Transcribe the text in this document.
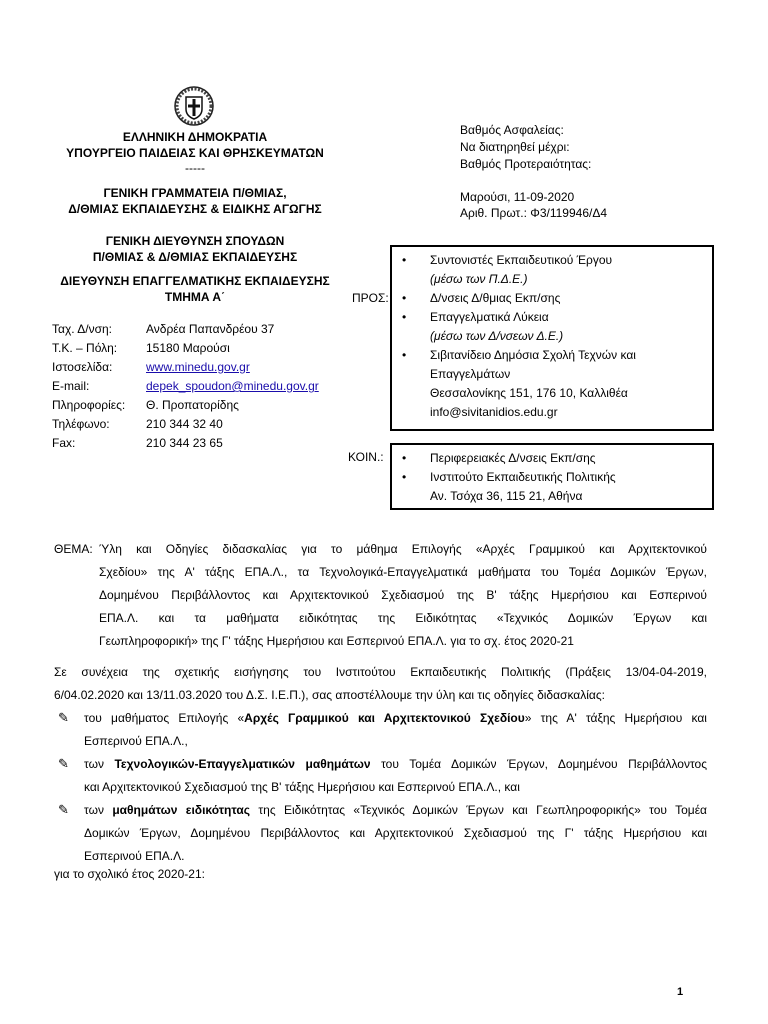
ΕΛΛΗΝΙΚΗ ΔΗΜΟΚΡΑΤΙΑ
ΥΠΟΥΡΓΕΙΟ ΠΑΙΔΕΙΑΣ ΚΑΙ ΘΡΗΣΚΕΥΜΑΤΩΝ
-----
ΓΕΝΙΚΗ ΓΡΑΜΜΑΤΕΙΑ Π/ΘΜΙΑΣ,
Δ/ΘΜΙΑΣ ΕΚΠΑΙΔΕΥΣΗΣ & ΕΙΔΙΚΗΣ ΑΓΩΓΗΣ
ΓΕΝΙΚΗ ΔΙΕΥΘΥΝΣΗ ΣΠΟΥΔΩΝ
Π/ΘΜΙΑΣ & Δ/ΘΜΙΑΣ ΕΚΠΑΙΔΕΥΣΗΣ
ΔΙΕΥΘΥΝΣΗ ΕΠΑΓΓΕΛΜΑΤΙΚΗΣ ΕΚΠΑΙΔΕΥΣΗΣ
ΤΜΗΜΑ Α΄
Βαθμός Ασφαλείας:
Να διατηρηθεί μέχρι:
Βαθμός Προτεραιότητας:
Μαρούσι, 11-09-2020
Αριθ. Πρωτ.: Φ3/119946/Δ4
Ταχ. Δ/νση:	Ανδρέα Παπανδρέου 37
Τ.Κ. – Πόλη: 15180 Μαρούσι
Ιστοσελίδα:	www.minedu.gov.gr
E-mail:	depek_spoudon@minedu.gov.gr
Πληροφορίες: Θ. Προπατορίδης
Τηλέφωνο:	210 344 32 40
Fax:	210 344 23 65
ΠΡΟΣ:
• Συντονιστές Εκπαιδευτικού Έργου
(μέσω των Π.Δ.Ε.)
• Δ/νσεις Δ/θμιας Εκπ/σης
• Επαγγελματικά Λύκεια
(μέσω των Δ/νσεων Δ.Ε.)
• Σιβιτανίδειο Δημόσια Σχολή Τεχνών και
Επαγγελμάτων
Θεσσαλονίκης 151, 176 10, Καλλιθέα
info@sivitanidios.edu.gr
ΚΟΙΝ.: • Περιφερειακές Δ/νσεις Εκπ/σης
• Ινστιτούτο Εκπαιδευτικής Πολιτικής
Αν. Τσόχα 36, 115 21, Αθήνα
ΘΕΜΑ: Ύλη και Οδηγίες διδασκαλίας για το μάθημα Επιλογής «Αρχές Γραμμικού και Αρχιτεκτονικού

Σχεδίου» της Α' τάξης ΕΠΑ.Λ., τα Τεχνολογικά-Επαγγελματικά μαθήματα του Τομέα Δομικών Έργων,

Δομημένου Περιβάλλοντος και Αρχιτεκτονικού Σχεδιασμού της Β' τάξης Ημερήσιου και Εσπερινού

ΕΠΑ.Λ. και τα μαθήματα ειδικότητας της Ειδικότητας «Τεχνικός Δομικών Έργων και

Γεωπληροφορική» της Γ' τάξης Ημερήσιου και Εσπερινού ΕΠΑ.Λ. για το σχ. έτος 2020-21

Σε συνέχεια της σχετικής εισήγησης του Ινστιτούτου Εκπαιδευτικής Πολιτικής (Πράξεις 13/04-04-2019,

6/04.02.2020 και 13/11.03.2020 του Δ.Σ. Ι.Ε.Π.), σας αποστέλλουμε την ύλη και τις οδηγίες διδασκαλίας:

✎ του μαθήματος Επιλογής «Αρχές Γραμμικού και Αρχιτεκτονικού Σχεδίου» της Α' τάξης Ημερήσιου και

Εσπερινού ΕΠΑ.Λ.,

✎ των Τεχνολογικών-Επαγγελματικών μαθημάτων του Τομέα Δομικών Έργων, Δομημένου Περιβάλλοντος

και Αρχιτεκτονικού Σχεδιασμού της Β' τάξης Ημερήσιου και Εσπερινού ΕΠΑ.Λ., και

✎ των μαθημάτων ειδικότητας της Ειδικότητας «Τεχνικός Δομικών Έργων και Γεωπληροφορικής» του Τομέα

Δομικών Έργων, Δομημένου Περιβάλλοντος και Αρχιτεκτονικού Σχεδιασμού της Γ' τάξης Ημερήσιου και

Εσπερινού ΕΠΑ.Λ.

για το σχολικό έτος 2020-21:
1
